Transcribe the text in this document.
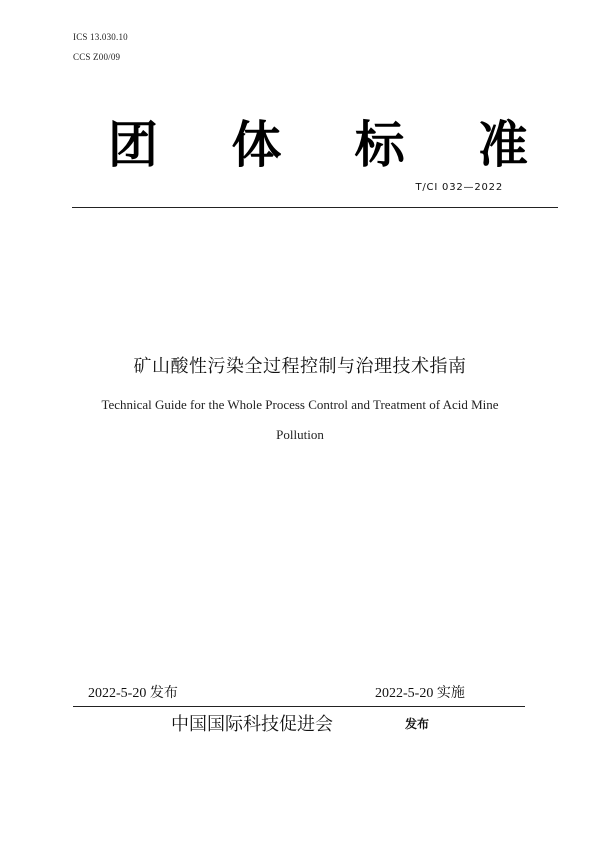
ICS 13.030.10
CCS Z00/09
团 体 标 准
T/CI 032—2022
矿山酸性污染全过程控制与治理技术指南
Technical Guide for the Whole Process Control and Treatment of Acid Mine
Pollution
2022-5-20 发布	2022-5-20 实施
中国国际科技促进会	发布
